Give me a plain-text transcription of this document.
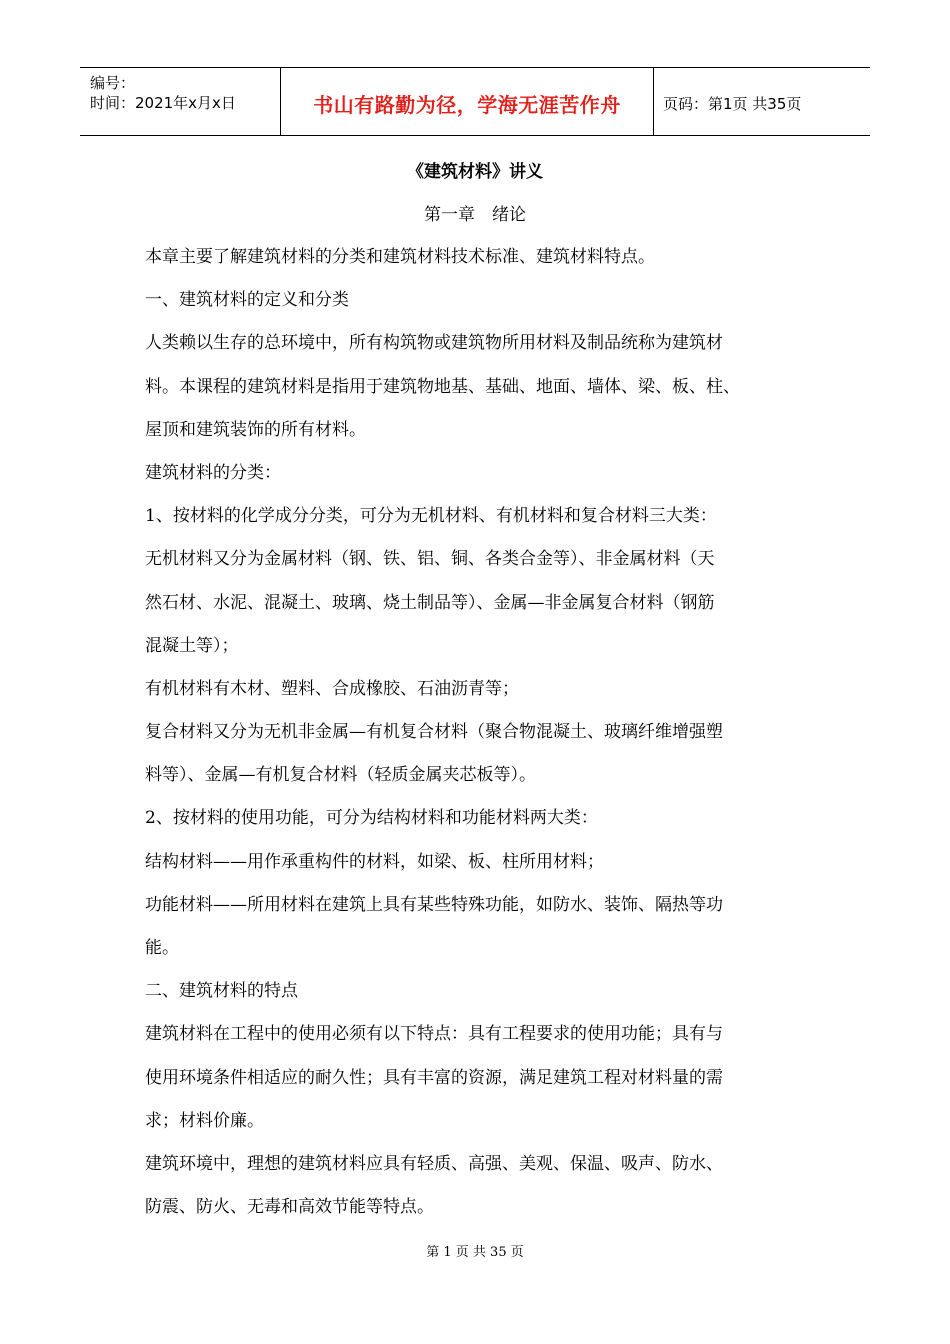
编号：
时间：2021年x月x日	书山有路勤为径，学海无涯苦作舟	页码：第1页 共35页
《建筑材料》讲义
第一章　绪论
本章主要了解建筑材料的分类和建筑材料技术标准、建筑材料特点。
一、建筑材料的定义和分类
人类赖以生存的总环境中，所有构筑物或建筑物所用材料及制品统称为建筑材
料。本课程的建筑材料是指用于建筑物地基、基础、地面、墙体、梁、板、柱、
屋顶和建筑装饰的所有材料。
建筑材料的分类：
1、按材料的化学成分分类，可分为无机材料、有机材料和复合材料三大类：
无机材料又分为金属材料（钢、铁、铝、铜、各类合金等）、非金属材料（天
然石材、水泥、混凝土、玻璃、烧土制品等）、金属—非金属复合材料（钢筋
混凝土等）；
有机材料有木材、塑料、合成橡胶、石油沥青等；
复合材料又分为无机非金属—有机复合材料（聚合物混凝土、玻璃纤维增强塑
料等）、金属—有机复合材料（轻质金属夹芯板等）。
2、按材料的使用功能，可分为结构材料和功能材料两大类：
结构材料——用作承重构件的材料，如梁、板、柱所用材料；
功能材料——所用材料在建筑上具有某些特殊功能，如防水、装饰、隔热等功
能。
二、建筑材料的特点
建筑材料在工程中的使用必须有以下特点：具有工程要求的使用功能；具有与
使用环境条件相适应的耐久性；具有丰富的资源，满足建筑工程对材料量的需
求；材料价廉。
建筑环境中，理想的建筑材料应具有轻质、高强、美观、保温、吸声、防水、
防震、防火、无毒和高效节能等特点。
第 1 页 共 35 页
